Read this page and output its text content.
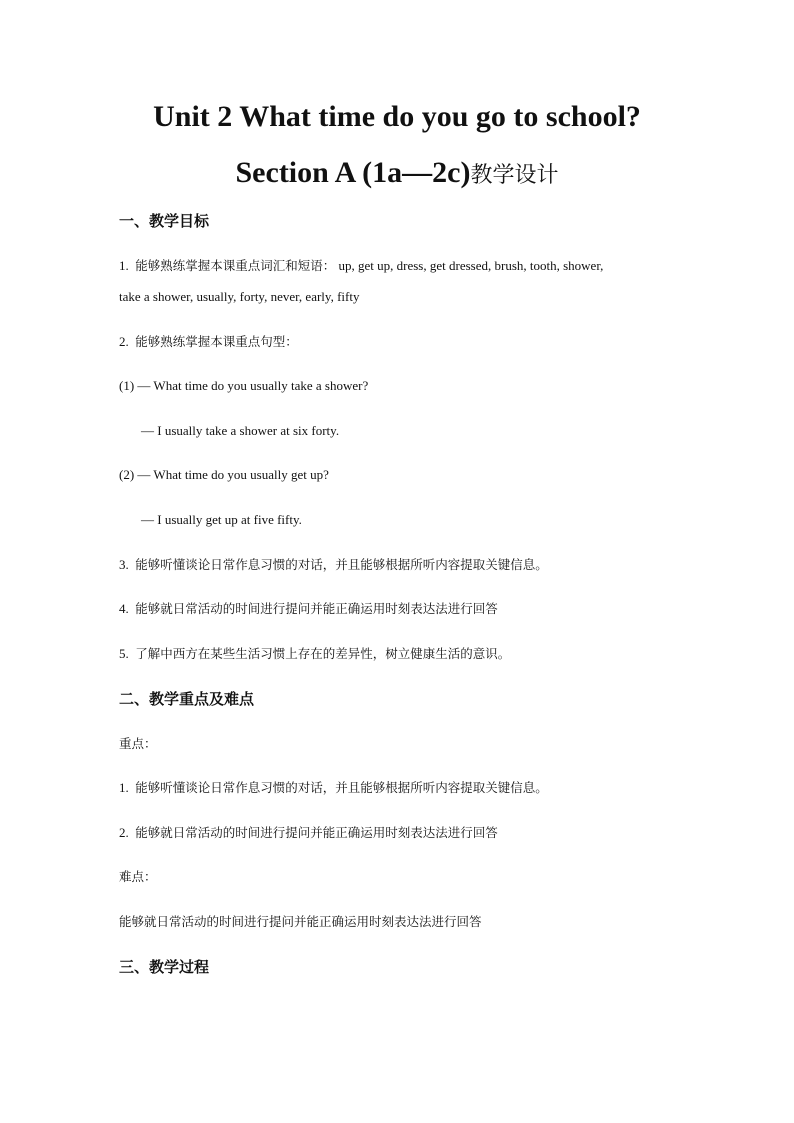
Unit 2 What time do you go to school?
Section A (1a—2c)教学设计
一、教学目标
1. 能够熟练掌握本课重点词汇和短语： up, get up, dress, get dressed, brush, tooth, shower,
take a shower, usually, forty, never, early, fifty
2. 能够熟练掌握本课重点句型：
(1) — What time do you usually take a shower?
— I usually take a shower at six forty.
(2) — What time do you usually get up?
— I usually get up at five fifty.
3. 能够听懂谈论日常作息习惯的对话，并且能够根据所听内容提取关键信息。
4. 能够就日常活动的时间进行提问并能正确运用时刻表达法进行回答
5. 了解中西方在某些生活习惯上存在的差异性，树立健康生活的意识。
二、教学重点及难点
重点：
1. 能够听懂谈论日常作息习惯的对话，并且能够根据所听内容提取关键信息。
2. 能够就日常活动的时间进行提问并能正确运用时刻表达法进行回答
难点：
能够就日常活动的时间进行提问并能正确运用时刻表达法进行回答
三、教学过程
